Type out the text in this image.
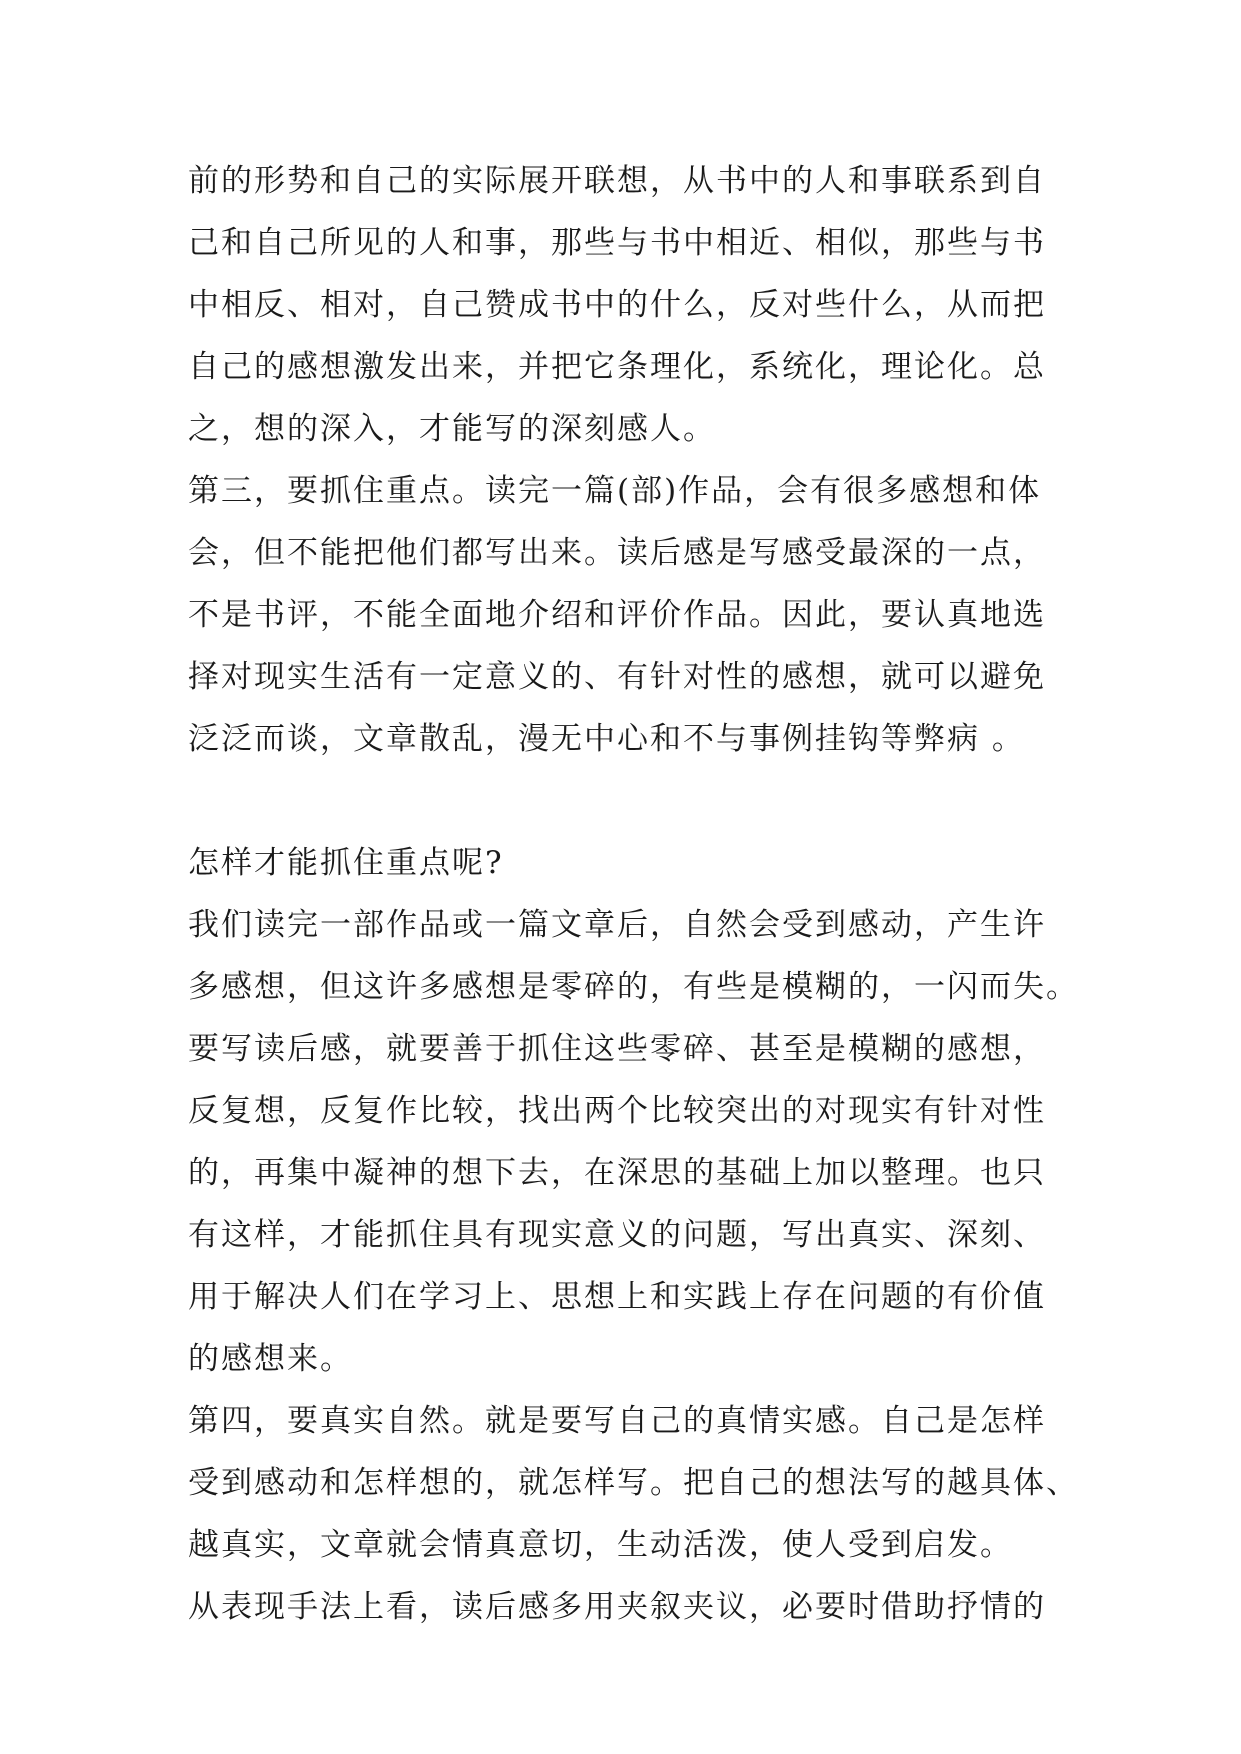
前的形势和自己的实际展开联想，从书中的人和事联系到自
己和自己所见的人和事，那些与书中相近、相似，那些与书
中相反、相对，自己赞成书中的什么，反对些什么，从而把
自己的感想激发出来，并把它条理化，系统化，理论化。总
之，想的深入，才能写的深刻感人。
第三，要抓住重点。读完一篇(部)作品，会有很多感想和体
会，但不能把他们都写出来。读后感是写感受最深的一点，
不是书评，不能全面地介绍和评价作品。因此，要认真地选
择对现实生活有一定意义的、有针对性的感想，就可以避免
泛泛而谈，文章散乱，漫无中心和不与事例挂钩等弊病 。
怎样才能抓住重点呢?
我们读完一部作品或一篇文章后，自然会受到感动，产生许
多感想，但这许多感想是零碎的，有些是模糊的，一闪而失。
要写读后感，就要善于抓住这些零碎、甚至是模糊的感想，
反复想，反复作比较，找出两个比较突出的对现实有针对性
的，再集中凝神的想下去，在深思的基础上加以整理。也只
有这样，才能抓住具有现实意义的问题，写出真实、深刻、
用于解决人们在学习上、思想上和实践上存在问题的有价值
的感想来。
第四，要真实自然。就是要写自己的真情实感。自己是怎样
受到感动和怎样想的，就怎样写。把自己的想法写的越具体、
越真实，文章就会情真意切，生动活泼，使人受到启发。
从表现手法上看，读后感多用夹叙夹议，必要时借助抒情的
